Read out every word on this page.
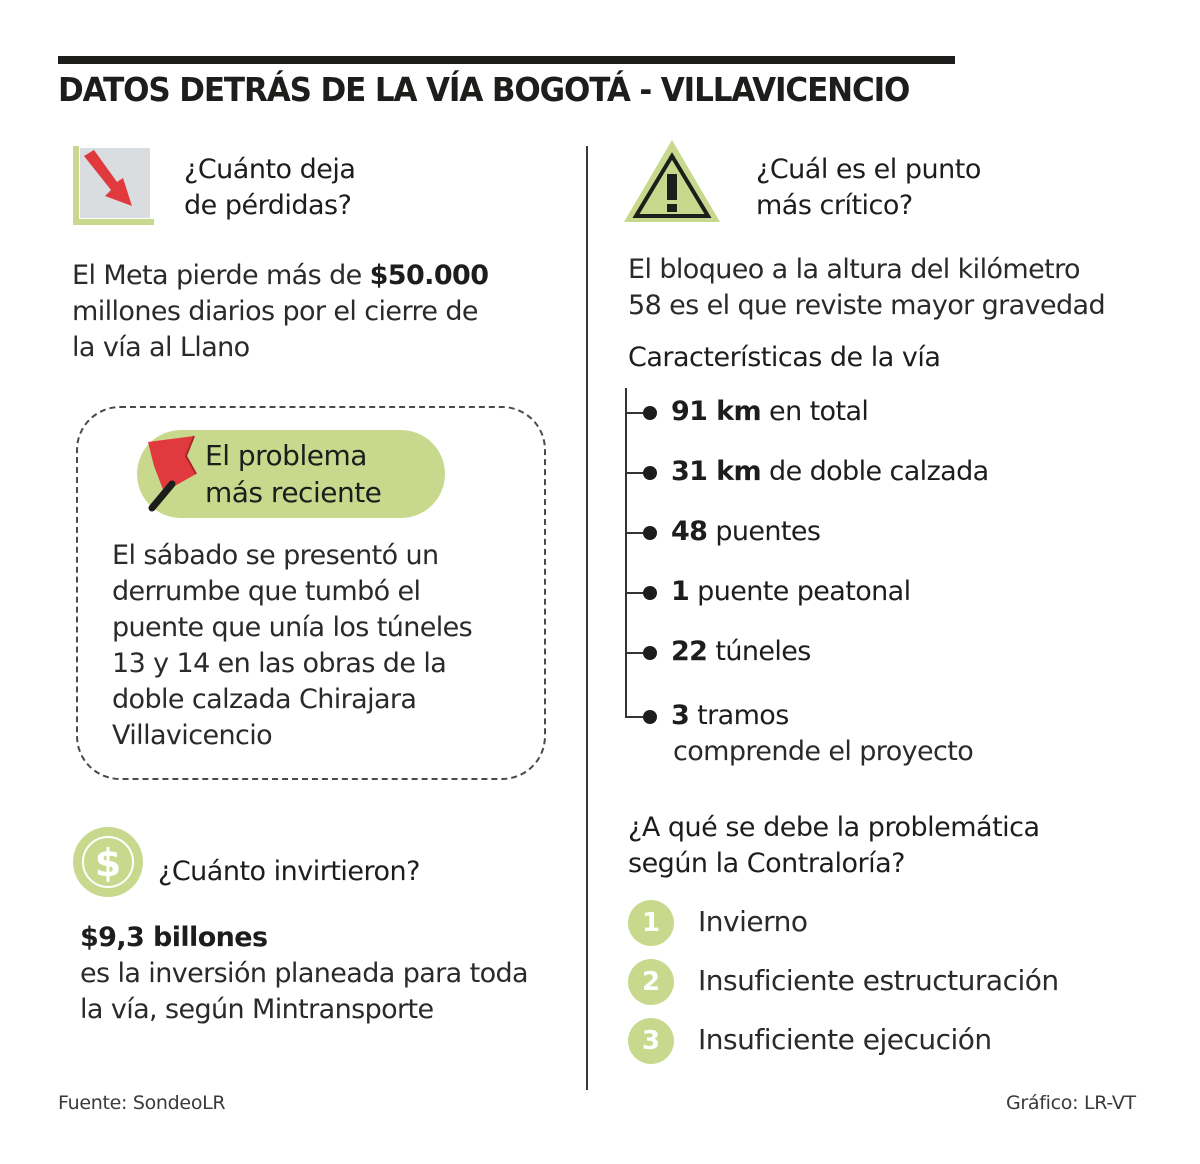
DATOS DETRÁS DE LA VÍA BOGOTÁ - VILLAVICENCIO
¿Cuánto deja
de pérdidas?
El Meta pierde más de $50.000
millones diarios por el cierre de
la vía al Llano
El problema
más reciente
El sábado se presentó un
derrumbe que tumbó el
puente que unía los túneles
13 y 14 en las obras de la
doble calzada Chirajara
Villavicencio
$ ¿Cuánto invirtieron?
$9,3 billones
es la inversión planeada para toda
la vía, según Mintransporte
¿Cuál es el punto
más crítico?
El bloqueo a la altura del kilómetro
58 es el que reviste mayor gravedad
Características de la vía
91 km en total
31 km de doble calzada
48 puentes
1 puente peatonal
22 túneles
3 tramos
comprende el proyecto
¿A qué se debe la problemática
según la Contraloría?
1	Invierno
2	Insuficiente estructuración
3	Insuficiente ejecución
Fuente: SondeoLR	Gráfico: LR-VT
